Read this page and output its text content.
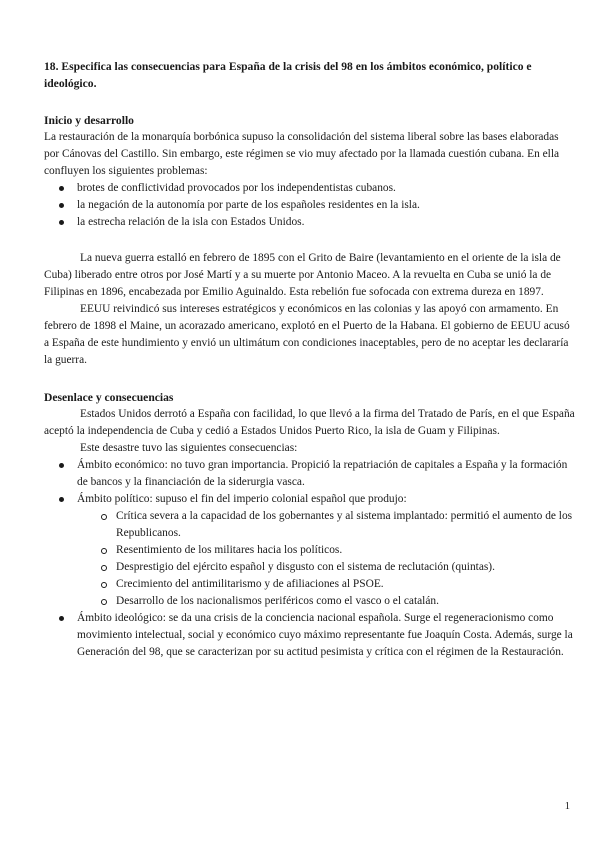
18. Especifica las consecuencias para España de la crisis del 98 en los ámbitos económico, político e ideológico.

Inicio y desarrollo

La restauración de la monarquía borbónica supuso la consolidación del sistema liberal sobre las bases elaboradas por Cánovas del Castillo. Sin embargo, este régimen se vio muy afectado por la llamada cuestión cubana. En ella confluyen los siguientes problemas:

brotes de conflictividad provocados por los independentistas cubanos.
la negación de la autonomía por parte de los españoles residentes en la isla.
la estrecha relación de la isla con Estados Unidos.

La nueva guerra estalló en febrero de 1895 con el Grito de Baire (levantamiento en el oriente de la isla de Cuba) liberado entre otros por José Martí y a su muerte por Antonio Maceo. A la revuelta en Cuba se unió la de Filipinas en 1896, encabezada por Emilio Aguinaldo. Esta rebelión fue sofocada con extrema dureza en 1897.

EEUU reivindicó sus intereses estratégicos y económicos en las colonias y las apoyó con armamento. En febrero de 1898 el Maine, un acorazado americano, explotó en el Puerto de la Habana. El gobierno de EEUU acusó a España de este hundimiento y envió un ultimátum con condiciones inaceptables, pero de no aceptar les declararía la guerra.

Desenlace y consecuencias

Estados Unidos derrotó a España con facilidad, lo que llevó a la firma del Tratado de París, en el que España aceptó la independencia de Cuba y cedió a Estados Unidos Puerto Rico, la isla de Guam y Filipinas.

Este desastre tuvo las siguientes consecuencias:

Ámbito económico: no tuvo gran importancia. Propició la repatriación de capitales a España y la formación de bancos y la financiación de la siderurgia vasca.
Ámbito político: supuso el fin del imperio colonial español que produjo:
Crítica severa a la capacidad de los gobernantes y al sistema implantado: permitió el aumento de los Republicanos.
Resentimiento de los militares hacia los políticos.
Desprestigio del ejército español y disgusto con el sistema de reclutación (quintas).
Crecimiento del antimilitarismo y de afiliaciones al PSOE.
Desarrollo de los nacionalismos periféricos como el vasco o el catalán.
Ámbito ideológico: se da una crisis de la conciencia nacional española. Surge el regeneracionismo como movimiento intelectual, social y económico cuyo máximo representante fue Joaquín Costa. Además, surge la Generación del 98, que se caracterizan por su actitud pesimista y crítica con el régimen de la Restauración.
1
